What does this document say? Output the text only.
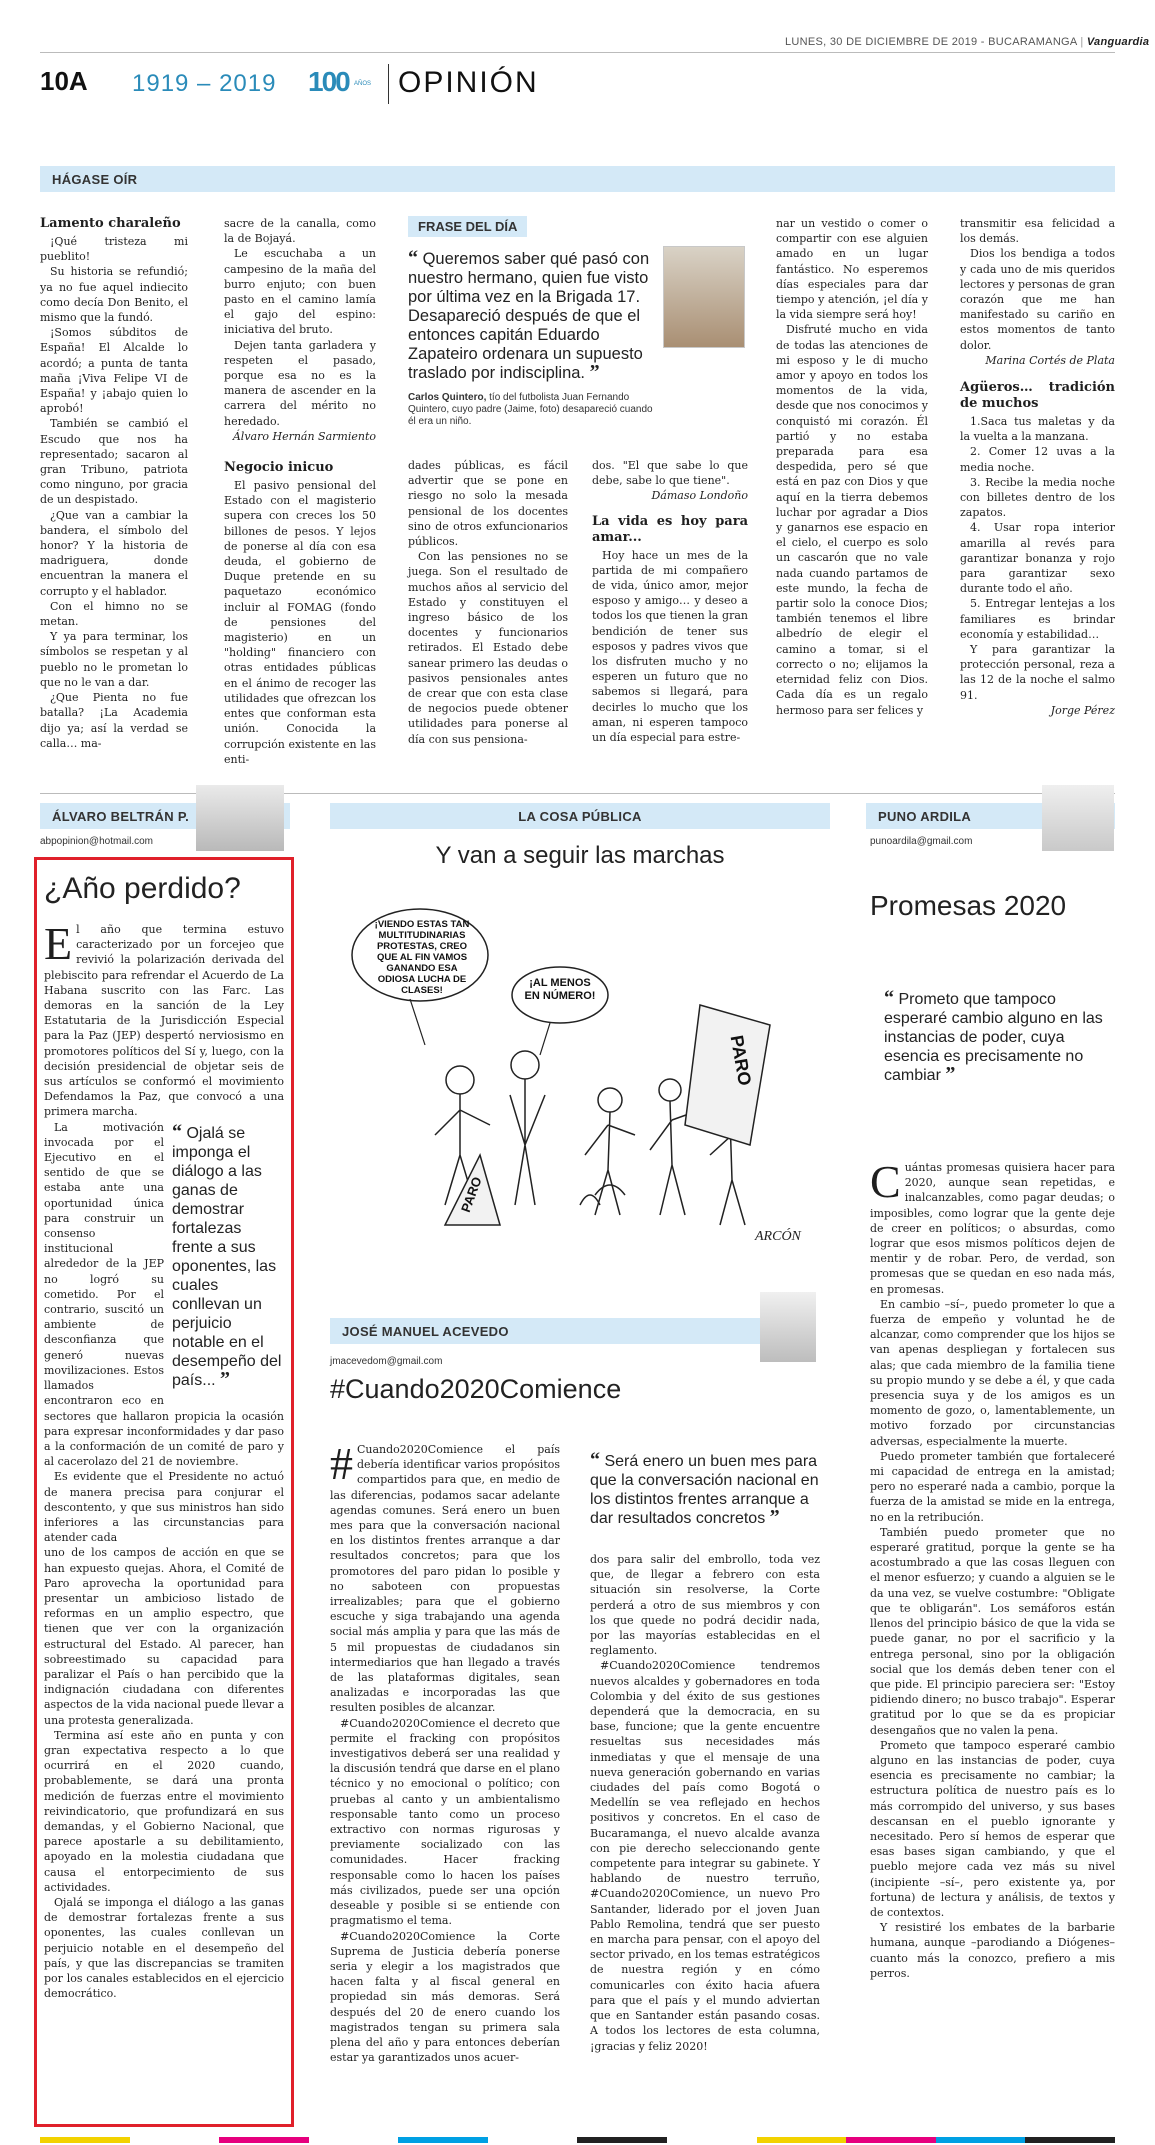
LUNES, 30 DE DICIEMBRE DE 2019 - BUCARAMANGA | Vanguardia
10A 1919 – 2019 100 AÑOS OPINIÓN
HÁGASE OÍR
Lamento charaleño

¡Qué tristeza mi pueblito!

Su historia se refundió; ya no fue aquel indiecito como decía Don Benito, el mismo que la fundó.

¡Somos súbditos de España! El Alcalde lo acordó; a punta de tanta maña ¡Viva Felipe VI de España! y ¡abajo quien lo aprobó!

También se cambió el Escudo que nos ha representado; sacaron al gran Tribuno, patriota como ninguno, por gracia de un despistado.

¿Que van a cambiar la bandera, el símbolo del honor? Y la historia de madriguera, donde encuentran la manera el corrupto y el hablador.

Con el himno no se metan.

Y ya para terminar, los símbolos se respetan y al pueblo no le prometan lo que no le van a dar.

¿Que Pienta no fue batalla? ¡La Academia dijo ya; así la verdad se calla… ma-

sacre de la canalla, como la de Bojayá.

Le escuchaba a un campesino de la maña del burro enjuto; con buen pasto en el camino lamía el gajo del espino: iniciativa del bruto.

Dejen tanta garladera y respeten el pasado, porque esa no es la manera de ascender en la carrera del mérito no heredado.

Álvaro Hernán Sarmiento
Negocio inicuo

El pasivo pensional del Estado con el magisterio supera con creces los 50 billones de pesos. Y lejos de ponerse al día con esa deuda, el gobierno de Duque pretende en su paquetazo económico incluir al FOMAG (fondo de pensiones del magisterio) en un "holding" financiero con otras entidades públicas en el ánimo de recoger las utilidades que ofrezcan los entes que conforman esta unión. Conocida la corrupción existente en las enti-

FRASE DEL DÍA
“ Queremos saber qué pasó con nuestro hermano, quien fue visto por última vez en la Brigada 17. Desapareció después de que el entonces capitán Eduardo Zapateiro ordenara un supuesto traslado por indisciplina. ”
Carlos Quintero, tío del futbolista Juan Fernando Quintero, cuyo padre (Jaime, foto) desapareció cuando él era un niño.

dades públicas, es fácil advertir que se pone en riesgo no solo la mesada pensional de los docentes sino de otros exfuncionarios públicos.

Con las pensiones no se juega. Son el resultado de muchos años al servicio del Estado y constituyen el ingreso básico de los docentes y funcionarios retirados. El Estado debe sanear primero las deudas o pasivos pensionales antes de crear que con esta clase de negocios puede obtener utilidades para ponerse al día con sus pensiona-

dos. "El que sabe lo que debe, sabe lo que tiene".

Dámaso Londoño
La vida es hoy para amar...

Hoy hace un mes de la partida de mi compañero de vida, único amor, mejor esposo y amigo… y deseo a todos los que tienen la gran bendición de tener sus esposos y padres vivos que los disfruten mucho y no esperen un futuro que no sabemos si llegará, para decirles lo mucho que los aman, ni esperen tampoco un día especial para estre-

nar un vestido o comer o compartir con ese alguien amado en un lugar fantástico. No esperemos días especiales para dar tiempo y atención, ¡el día y la vida siempre será hoy!

Disfruté mucho en vida de todas las atenciones de mi esposo y le di mucho amor y apoyo en todos los momentos de la vida, desde que nos conocimos y conquistó mi corazón. Él partió y no estaba preparada para esa despedida, pero sé que está en paz con Dios y que aquí en la tierra debemos luchar por agradar a Dios y ganarnos ese espacio en el cielo, el cuerpo es solo un cascarón que no vale nada cuando partamos de este mundo, la fecha de partir solo la conoce Dios; también tenemos el libre albedrío de elegir el camino a tomar, si el correcto o no; elijamos la eternidad feliz con Dios. Cada día es un regalo hermoso para ser felices y

transmitir esa felicidad a los demás.

Dios los bendiga a todos y cada uno de mis queridos lectores y personas de gran corazón que me han manifestado su cariño en estos momentos de tanto dolor.

Marina Cortés de Plata
Agüeros… tradición de muchos

1.Saca tus maletas y da la vuelta a la manzana.

2. Comer 12 uvas a la media noche.

3. Recibe la media noche con billetes dentro de los zapatos.

4. Usar ropa interior amarilla al revés para garantizar bonanza y rojo para garantizar sexo durante todo el año.

5. Entregar lentejas a los familiares es brindar economía y estabilidad…

Y para garantizar la protección personal, reza a las 12 de la noche el salmo 91.

Jorge Pérez
ÁLVARO BELTRÁN P.
abpopinion@hotmail.com
¿Año perdido?

El año que termina estuvo caracterizado por un forcejeo que revivió la polarización derivada del plebiscito para refrendar el Acuerdo de La Habana suscrito con las Farc. Las demoras en la sanción de la Ley Estatutaria de la Jurisdicción Especial para la Paz (JEP) despertó nerviosismo en promotores políticos del Sí y, luego, con la decisión presidencial de objetar seis de sus artículos se conformó el movimiento Defendamos la Paz, que convocó a una primera marcha.

“ Ojalá se imponga el diálogo a las ganas de demostrar fortalezas frente a sus oponentes, las cuales conllevan un perjuicio notable en el desempeño del país... ”

La motivación invocada por el Ejecutivo en el sentido de que se estaba ante una oportunidad única para construir un consenso institucional alrededor de la JEP no logró su cometido. Por el contrario, suscitó un ambiente de desconfianza que generó nuevas movilizaciones. Estos llamados encontraron eco en sectores que hallaron propicia la ocasión para expresar inconformidades y dar paso a la conformación de un comité de paro y al cacerolazo del 21 de noviembre.

Es evidente que el Presidente no actuó de manera precisa para conjurar el descontento, y que sus ministros han sido inferiores a las circunstancias para atender cada

uno de los campos de acción en que se han expuesto quejas. Ahora, el Comité de Paro aprovecha la oportunidad para presentar un ambicioso listado de reformas en un amplio espectro, que tienen que ver con la organización estructural del Estado. Al parecer, han sobreestimado su capacidad para paralizar el País o han percibido que la indignación ciudadana con diferentes aspectos de la vida nacional puede llevar a una protesta generalizada.

Termina así este año en punta y con gran expectativa respecto a lo que ocurrirá en el 2020 cuando, probablemente, se dará una pronta medición de fuerzas entre el movimiento reivindicatorio, que profundizará en sus demandas, y el Gobierno Nacional, que parece apostarle a su debilitamiento, apoyado en la molestia ciudadana que causa el entorpecimiento de sus actividades.

Ojalá se imponga el diálogo a las ganas de demostrar fortalezas frente a sus oponentes, las cuales conllevan un perjuicio notable en el desempeño del país, y que las discrepancias se tramiten por los canales establecidos en el ejercicio democrático.

LA COSA PÚBLICA
Y van a seguir las marchas
ARCÓN
¡VIENDO ESTAS TAN MULTITUDINARIAS PROTESTAS, CREO QUE AL FIN VAMOS GANANDO ESA ODIOSA LUCHA DE CLASES!
¡AL MENOS EN NÚMERO!
PARO
PARO
JOSÉ MANUEL ACEVEDO
jmacevedom@gmail.com
#Cuando2020Comience

# Cuando2020Comience el país debería identificar varios propósitos compartidos para que, en medio de las diferencias, podamos sacar adelante agendas comunes. Será enero un buen mes para que la conversación nacional en los distintos frentes arranque a dar resultados concretos; para que los promotores del paro pidan lo posible y no saboteen con propuestas irrealizables; para que el gobierno escuche y siga trabajando una agenda social más amplia y para que las más de 5 mil propuestas de ciudadanos sin intermediarios que han llegado a través de las plataformas digitales, sean analizadas e incorporadas las que resulten posibles de alcanzar.

#Cuando2020Comience el decreto que permite el fracking con propósitos investigativos deberá ser una realidad y la discusión tendrá que darse en el plano técnico y no emocional o político; con pruebas al canto y un ambientalismo responsable tanto como un proceso extractivo con normas rigurosas y previamente socializado con las comunidades. Hacer fracking responsable como lo hacen los países más civilizados, puede ser una opción deseable y posible si se entiende con pragmatismo el tema.

#Cuando2020Comience la Corte Suprema de Justicia debería ponerse seria y elegir a los magistrados que hacen falta y al fiscal general en propiedad sin más demoras. Será después del 20 de enero cuando los magistrados tengan su primera sala plena del año y para entonces deberían estar ya garantizados unos acuer-

“ Será enero un buen mes para que la conversación nacional en los distintos frentes arranque a dar resultados concretos ”

dos para salir del embrollo, toda vez que, de llegar a febrero con esta situación sin resolverse, la Corte perderá a otro de sus miembros y con los que quede no podrá decidir nada, por las mayorías establecidas en el reglamento.

#Cuando2020Comience tendremos nuevos alcaldes y gobernadores en toda Colombia y del éxito de sus gestiones dependerá que la democracia, en su base, funcione; que la gente encuentre resueltas sus necesidades más inmediatas y que el mensaje de una nueva generación gobernando en varias ciudades del país como Bogotá o Medellín se vea reflejado en hechos positivos y concretos. En el caso de Bucaramanga, el nuevo alcalde avanza con pie derecho seleccionando gente competente para integrar su gabinete. Y hablando de nuestro terruño, #Cuando2020Comience, un nuevo Pro Santander, liderado por el joven Juan Pablo Remolina, tendrá que ser puesto en marcha para pensar, con el apoyo del sector privado, en los temas estratégicos de nuestra región y en cómo comunicarles con éxito hacia afuera para que el país y el mundo adviertan que en Santander están pasando cosas. A todos los lectores de esta columna, ¡gracias y feliz 2020!

PUNO ARDILA
punoardila@gmail.com
Promesas 2020
“ Prometo que tampoco esperaré cambio alguno en las instancias de poder, cuya esencia es precisamente no cambiar ”

Cuántas promesas quisiera hacer para 2020, aunque sean repetidas, e inalcanzables, como pagar deudas; o imposibles, como lograr que la gente deje de creer en políticos; o absurdas, como lograr que esos mismos políticos dejen de mentir y de robar. Pero, de verdad, son promesas que se quedan en eso nada más, en promesas.

En cambio –sí–, puedo prometer lo que a fuerza de empeño y voluntad he de alcanzar, como comprender que los hijos se van apenas despliegan y fortalecen sus alas; que cada miembro de la familia tiene su propio mundo y se debe a él, y que cada presencia suya y de los amigos es un momento de gozo, o, lamentablemente, un motivo forzado por circunstancias adversas, especialmente la muerte.

Puedo prometer también que fortaleceré mi capacidad de entrega en la amistad; pero no esperaré nada a cambio, porque la fuerza de la amistad se mide en la entrega, no en la retribución.

También puedo prometer que no esperaré gratitud, porque la gente se ha acostumbrado a que las cosas lleguen con el menor esfuerzo; y cuando a alguien se le da una vez, se vuelve costumbre: "Obligate que te obligarán". Los semáforos están llenos del principio básico de que la vida se puede ganar, no por el sacrificio y la entrega personal, sino por la obligación social que los demás deben tener con el que pide. El principio pareciera ser: "Estoy pidiendo dinero; no busco trabajo". Esperar gratitud por lo que se da es propiciar desengaños que no valen la pena.

Prometo que tampoco esperaré cambio alguno en las instancias de poder, cuya esencia es precisamente no cambiar; la estructura política de nuestro país es lo más corrompido del universo, y sus bases descansan en el pueblo ignorante y necesitado. Pero sí hemos de esperar que esas bases sigan cambiando, y que el pueblo mejore cada vez más su nivel (incipiente –sí–, pero existente ya, por fortuna) de lectura y análisis, de textos y de contextos.

Y resistiré los embates de la barbarie humana, aunque –parodiando a Diógenes– cuanto más la conozco, prefiero a mis perros.
